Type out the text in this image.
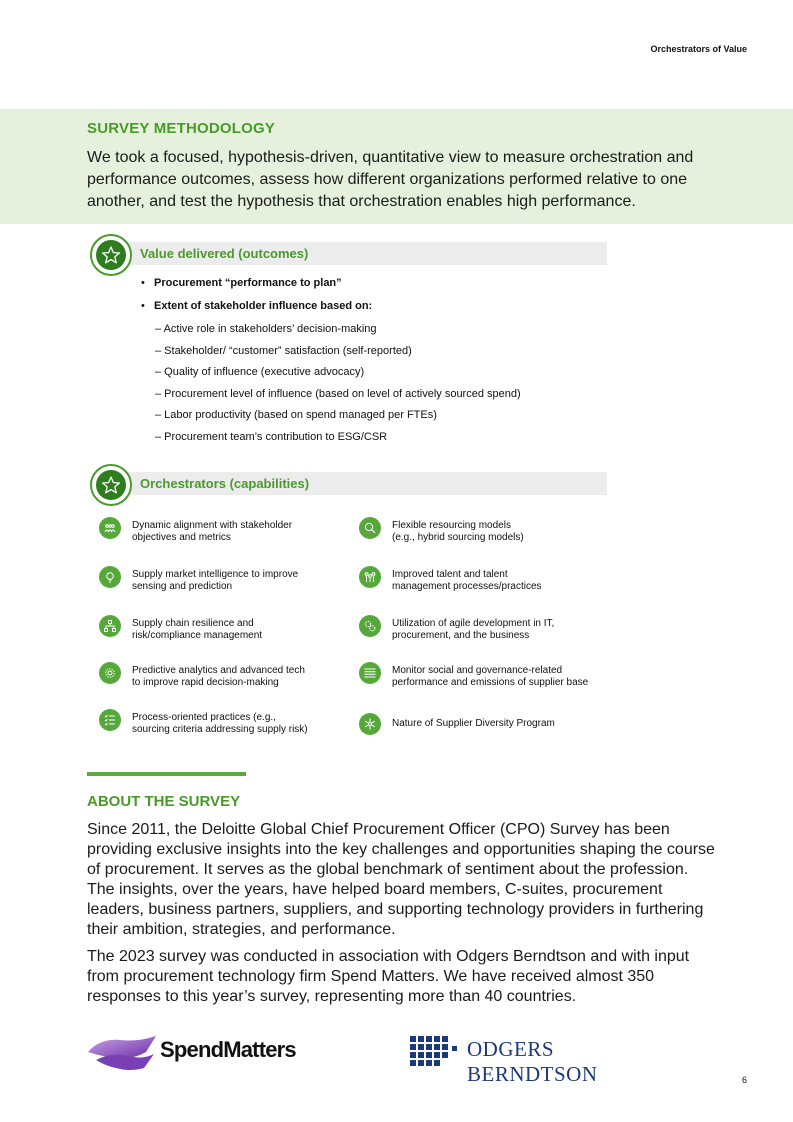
Orchestrators of Value
SURVEY METHODOLOGY
We took a focused, hypothesis-driven, quantitative view to measure orchestration and performance outcomes, assess how different organizations performed relative to one another, and test the hypothesis that orchestration enables high performance.
Value delivered (outcomes)
• Procurement “performance to plan”
• Extent of stakeholder influence based on:
– Active role in stakeholders’ decision-making
– Stakeholder/ “customer” satisfaction (self-reported)
– Quality of influence (executive advocacy)
– Procurement level of influence (based on level of actively sourced spend)
– Labor productivity (based on spend managed per FTEs)
– Procurement team’s contribution to ESG/CSR
Orchestrators (capabilities)
Dynamic alignment with stakeholder
objectives and metrics
Supply market intelligence to improve
sensing and prediction
Supply chain resilience and
risk/compliance management
Predictive analytics and advanced tech
to improve rapid decision-making
Process-oriented practices (e.g.,
sourcing criteria addressing supply risk)
Flexible resourcing models
(e.g., hybrid sourcing models)
Improved talent and talent
management processes/practices
Utilization of agile development in IT,
procurement, and the business
Monitor social and governance-related
performance and emissions of supplier base
Nature of Supplier Diversity Program
ABOUT THE SURVEY

Since 2011, the Deloitte Global Chief Procurement Officer (CPO) Survey has been providing exclusive insights into the key challenges and opportunities shaping the course of procurement. It serves as the global benchmark of sentiment about the profession. The insights, over the years, have helped board members, C-suites, procurement leaders, business partners, suppliers, and supporting technology providers in furthering their ambition, strategies, and performance.

The 2023 survey was conducted in association with Odgers Berndtson and with input from procurement technology firm Spend Matters. We have received almost 350 responses to this year’s survey, representing more than 40 countries.

SpendMatters	ODGERS BERNDTSON	6
